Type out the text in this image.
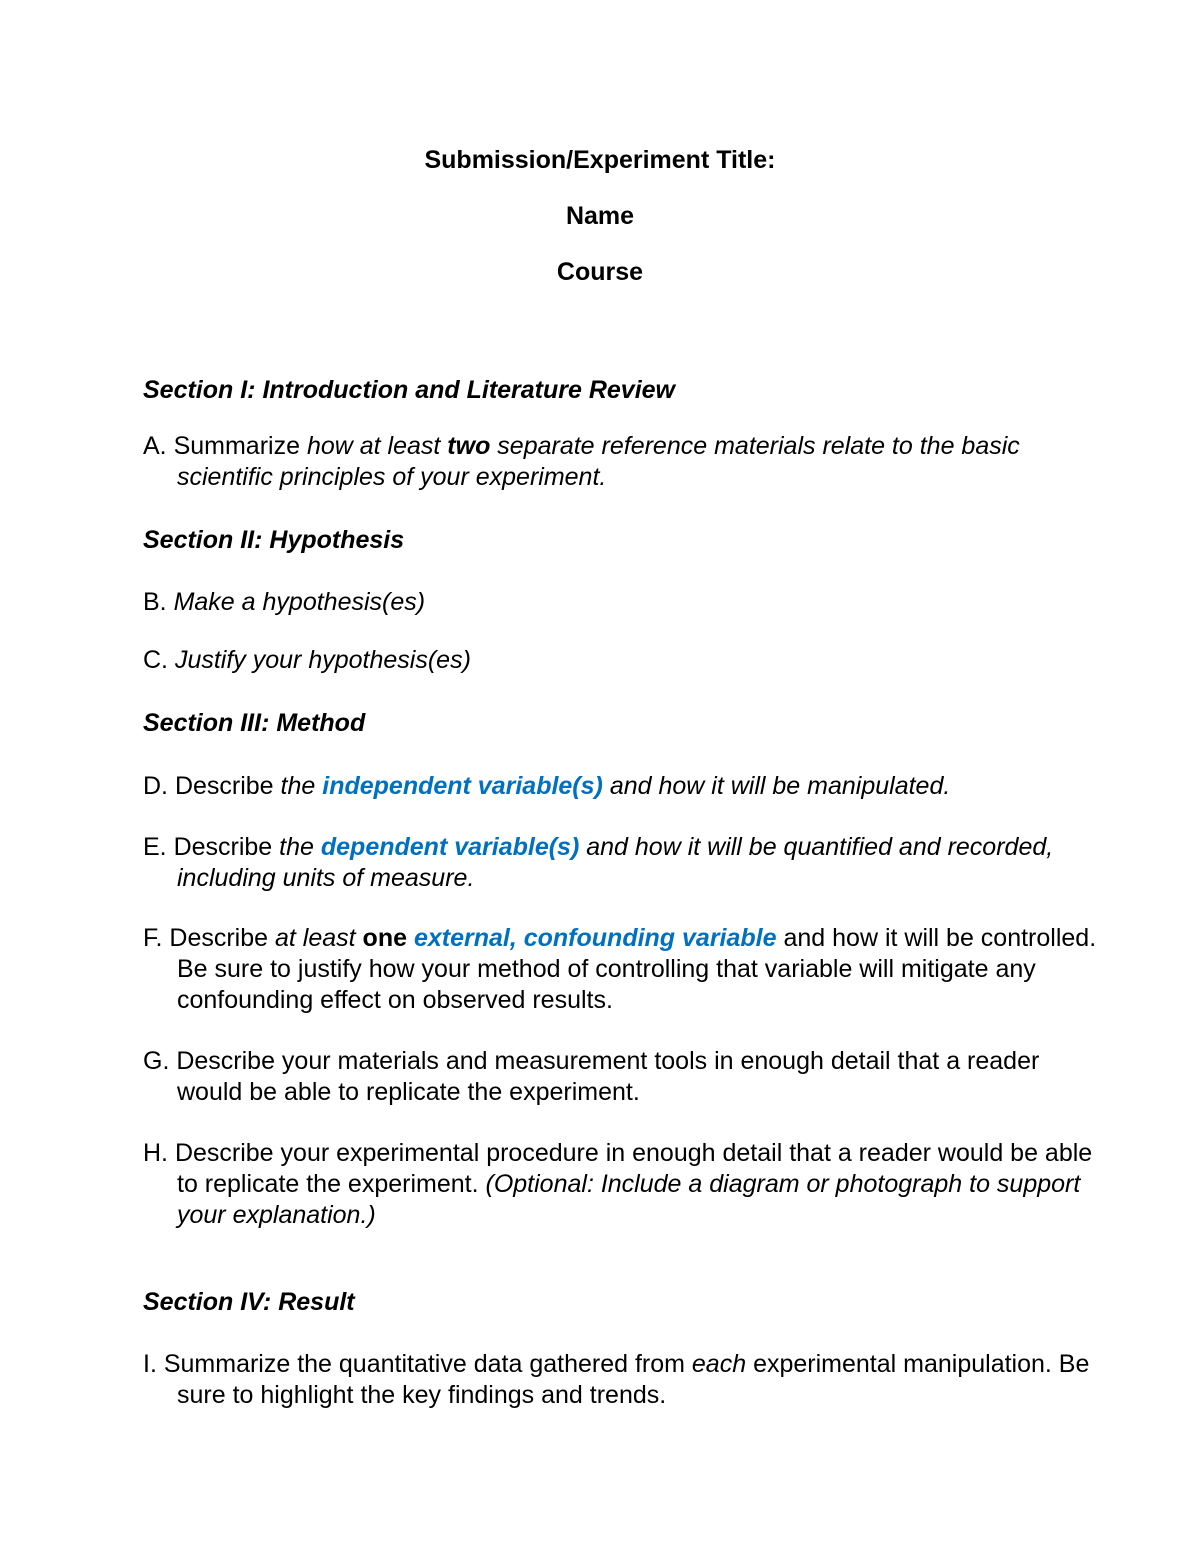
Submission/Experiment Title:
Name
Course
Section I: Introduction and Literature Review
A. Summarize how at least two separate reference materials relate to the basic scientific principles of your experiment.
Section II: Hypothesis
B. Make a hypothesis(es)
C. Justify your hypothesis(es)
Section III: Method
D. Describe the independent variable(s) and how it will be manipulated.
E. Describe the dependent variable(s) and how it will be quantified and recorded, including units of measure.
F. Describe at least one external, confounding variable and how it will be controlled. Be sure to justify how your method of controlling that variable will mitigate any confounding effect on observed results.
G. Describe your materials and measurement tools in enough detail that a reader would be able to replicate the experiment.
H. Describe your experimental procedure in enough detail that a reader would be able to replicate the experiment. (Optional: Include a diagram or photograph to support your explanation.)
Section IV: Result
I. Summarize the quantitative data gathered from each experimental manipulation. Be sure to highlight the key findings and trends.
